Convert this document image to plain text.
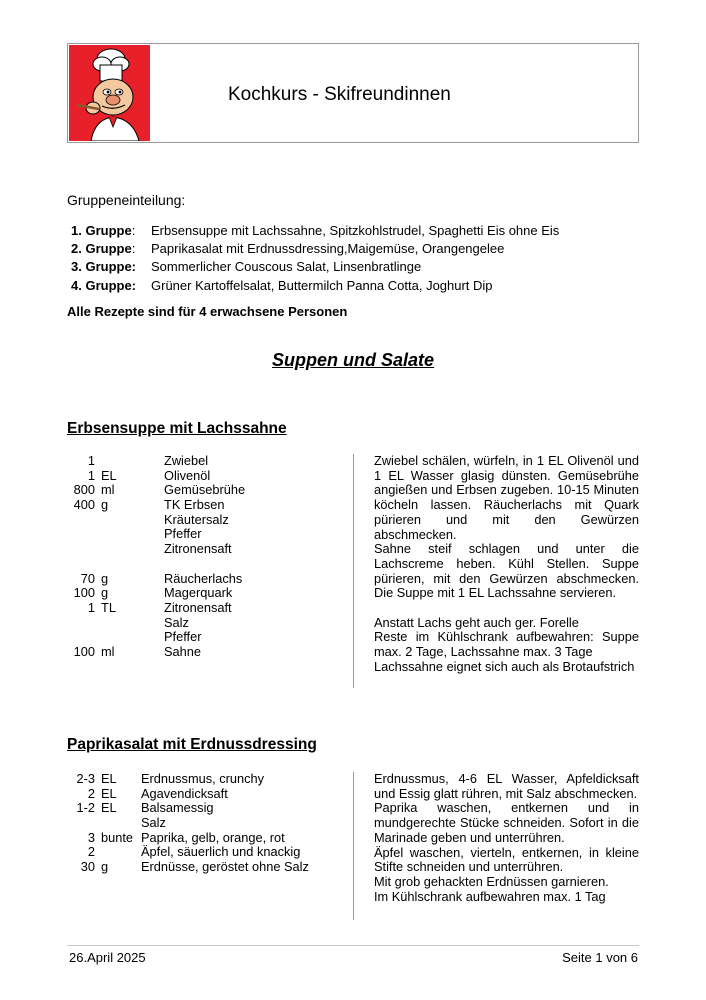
Kochkurs - Skifreundinnen
Gruppeneinteilung:
1. Gruppe:	Erbsensuppe mit Lachssahne, Spitzkohlstrudel, Spaghetti Eis ohne Eis
2. Gruppe:	Paprikasalat mit Erdnussdressing,Maigemüse, Orangengelee
3. Gruppe:	Sommerlicher Couscous Salat, Linsenbratlinge
4. Gruppe:	Grüner Kartoffelsalat, Buttermilch Panna Cotta, Joghurt Dip
Alle Rezepte sind für 4 erwachsene Personen
Suppen und Salate
Erbsensuppe mit Lachssahne
1	Zwiebel
1 EL	Olivenöl
800 ml	Gemüsebrühe
400 g	TK Erbsen
Kräutersalz
Pfeffer
Zitronensaft
70 g	Räucherlachs
100 g	Magerquark
1 TL	Zitronensaft
Salz
Pfeffer
100 ml	Sahne

Zwiebel schälen, würfeln, in 1 EL Olivenöl und 1 EL Wasser glasig dünsten. Gemüsebrühe angießen und Erbsen zugeben. 10-15 Minuten köcheln lassen. Räucherlachs mit Quark pürieren und mit den Gewürzen abschmecken.

Sahne steif schlagen und unter die Lachscreme heben. Kühl Stellen. Suppe pürieren, mit den Gewürzen abschmecken. Die Suppe mit 1 EL Lachssahne servieren.

Anstatt Lachs geht auch ger. Forelle

Reste im Kühlschrank aufbewahren: Suppe max. 2 Tage, Lachssahne max. 3 Tage

Lachssahne eignet sich auch als Brotaufstrich

Paprikasalat mit Erdnussdressing
2-3 EL Erdnussmus, crunchy
2 EL Agavendicksaft
1-2 EL Balsamessig
Salz
3 bunte Paprika, gelb, orange, rot
2	Äpfel, säuerlich und knackig
30 g	Erdnüsse, geröstet ohne Salz

Erdnussmus, 4-6 EL Wasser, Apfeldicksaft und Essig glatt rühren, mit Salz abschmecken.

Paprika waschen, entkernen und in mundgerechte Stücke schneiden. Sofort in die Marinade geben und unterrühren.

Äpfel waschen, vierteln, entkernen, in kleine Stifte schneiden und unterrühren.

Mit grob gehackten Erdnüssen garnieren.

Im Kühlschrank aufbewahren max. 1 Tag

26.April 2025	Seite 1 von 6
